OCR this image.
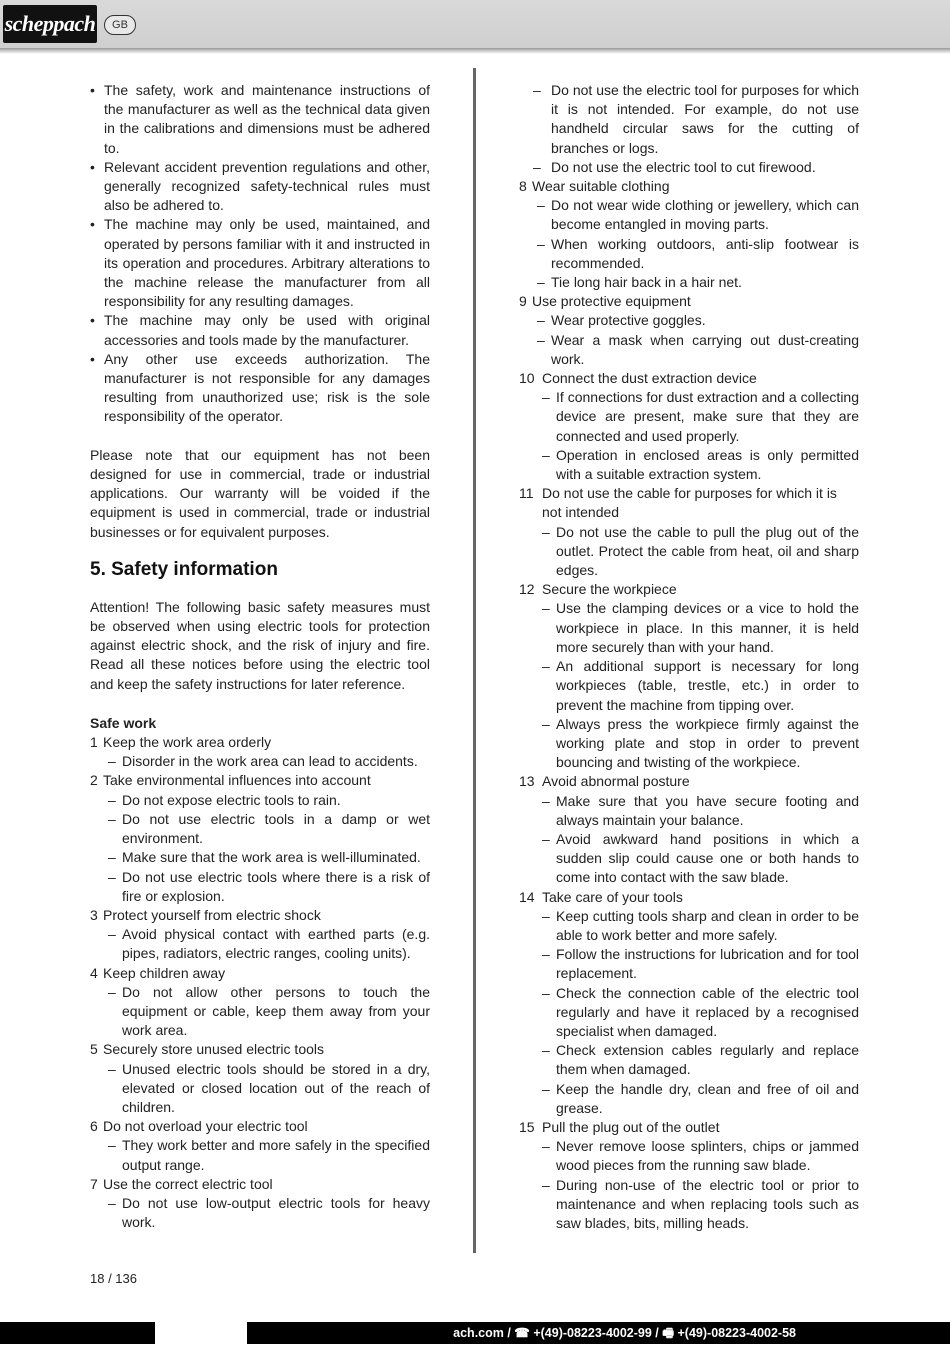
scheppach	GB
• The safety, work and maintenance instructions of the manufacturer as well as the technical data given in the calibrations and dimensions must be adhered to.
• Relevant accident prevention regulations and other, generally recognized safety-technical rules must also be adhered to.
• The machine may only be used, maintained, and operated by persons familiar with it and instructed in its operation and procedures. Arbitrary alterations to the machine release the manufacturer from all responsibility for any resulting damages.
• The machine may only be used with original accessories and tools made by the manufacturer.
• Any other use exceeds authorization. The manufacturer is not responsible for any damages resulting from unauthorized use; risk is the sole responsibility of the operator.
Please note that our equipment has not been designed for use in commercial, trade or industrial applications. Our warranty will be voided if the equipment is used in commercial, trade or industrial businesses or for equivalent purposes.
5. Safety information
Attention! The following basic safety measures must be observed when using electric tools for protection against electric shock, and the risk of injury and fire. Read all these notices before using the electric tool and keep the safety instructions for later reference.
Safe work
1 Keep the work area orderly
– Disorder in the work area can lead to accidents.
2 Take environmental influences into account
– Do not expose electric tools to rain.
– Do not use electric tools in a damp or wet environment.
– Make sure that the work area is well-illuminated.
– Do not use electric tools where there is a risk of fire or explosion.
3 Protect yourself from electric shock
– Avoid physical contact with earthed parts (e.g. pipes, radiators, electric ranges, cooling units).
4 Keep children away
– Do not allow other persons to touch the equipment or cable, keep them away from your work area.
5 Securely store unused electric tools
– Unused electric tools should be stored in a dry, elevated or closed location out of the reach of children.
6 Do not overload your electric tool
– They work better and more safely in the specified output range.
7 Use the correct electric tool
– Do not use low-output electric tools for heavy work.
– Do not use the electric tool for purposes for which it is not intended. For example, do not use handheld circular saws for the cutting of branches or logs.
– Do not use the electric tool to cut firewood.
8 Wear suitable clothing
– Do not wear wide clothing or jewellery, which can become entangled in moving parts.
– When working outdoors, anti-slip footwear is recommended.
– Tie long hair back in a hair net.
9 Use protective equipment
– Wear protective goggles.
– Wear a mask when carrying out dust-creating work.
10 Connect the dust extraction device
– If connections for dust extraction and a collecting device are present, make sure that they are connected and used properly.
– Operation in enclosed areas is only permitted with a suitable extraction system.
11 Do not use the cable for purposes for which it is not intended
– Do not use the cable to pull the plug out of the outlet. Protect the cable from heat, oil and sharp edges.
12 Secure the workpiece
– Use the clamping devices or a vice to hold the workpiece in place. In this manner, it is held more securely than with your hand.
– An additional support is necessary for long workpieces (table, trestle, etc.) in order to prevent the machine from tipping over.
– Always press the workpiece firmly against the working plate and stop in order to prevent bouncing and twisting of the workpiece.
13 Avoid abnormal posture
– Make sure that you have secure footing and always maintain your balance.
– Avoid awkward hand positions in which a sudden slip could cause one or both hands to come into contact with the saw blade.
14 Take care of your tools
– Keep cutting tools sharp and clean in order to be able to work better and more safely.
– Follow the instructions for lubrication and for tool replacement.
– Check the connection cable of the electric tool regularly and have it replaced by a recognised specialist when damaged.
– Check extension cables regularly and replace them when damaged.
– Keep the handle dry, clean and free of oil and grease.
15 Pull the plug out of the outlet
– Never remove loose splinters, chips or jammed wood pieces from the running saw blade.
– During non-use of the electric tool or prior to maintenance and when replacing tools such as saw blades, bits, milling heads.
18 / 136
ach.com / ☎ +(49)-08223-4002-99 / 🖷 +(49)-08223-4002-58
